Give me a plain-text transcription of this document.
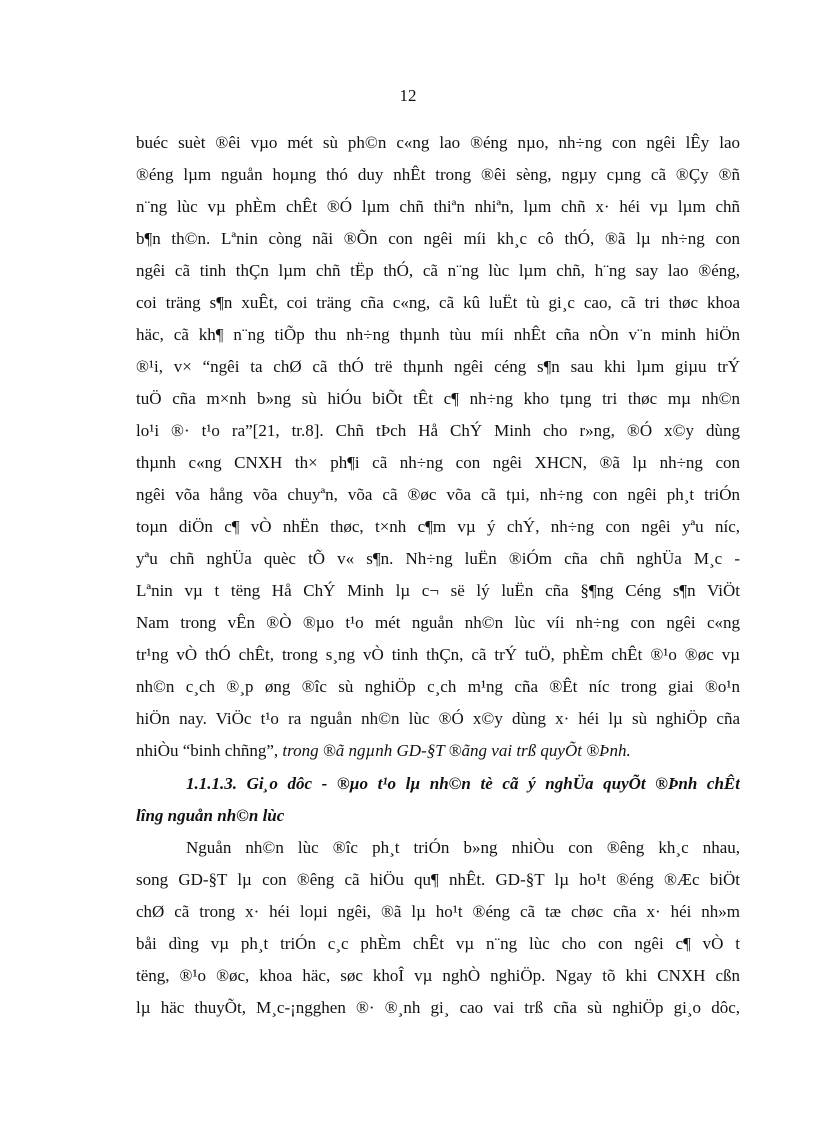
12
buéc suèt ®êi vµo mét sù ph©n c«ng lao ®éng nµo, nh÷ng con ngêi lÊy lao
®éng lµm nguån hoµng thó duy nhÊt trong ®êi sèng, ngµy cµng cã ®Çy ®ñ
n¨ng lùc vµ phÈm chÊt ®Ó lµm chñ thiªn nhiªn, lµm chñ x· héi vµ lµm chñ
b¶n th©n. Lªnin còng nãi ®Õn con ngêi míi kh¸c cô thÓ, ®ã lµ nh÷ng con
ngêi cã tinh thÇn lµm chñ tËp thÓ, cã n¨ng lùc lµm chñ, h¨ng say lao ®éng,
coi träng s¶n xuÊt, coi träng cña c«ng, cã kû luËt tù gi¸c cao, cã tri thøc khoa
häc, cã kh¶ n¨ng tiÕp thu nh÷ng thµnh tùu míi nhÊt cña nÒn v¨n minh hiÖn
®¹i, v× “ngêi ta chØ cã thÓ trë thµnh ngêi céng s¶n sau khi lµm giµu trÝ
tuÖ cña m×nh b»ng sù hiÓu biÕt tÊt c¶ nh÷ng kho tµng tri thøc mµ nh©n
lo¹i ®· t¹o ra”[21, tr.8]. Chñ tÞch Hå ChÝ Minh cho r»ng, ®Ó x©y dùng
thµnh c«ng CNXH th× ph¶i cã nh÷ng con ngêi XHCN, ®ã lµ nh÷ng con
ngêi võa hång võa chuyªn, võa cã ®øc võa cã tµi, nh÷ng con ngêi ph¸t triÓn
toµn diÖn c¶ vÒ nhËn thøc, t×nh c¶m vµ ý chÝ, nh÷ng con ngêi yªu níc,
yªu chñ nghÜa quèc tÕ v« s¶n. Nh÷ng luËn ®iÓm cña chñ nghÜa M¸c -
Lªnin vµ t tëng Hå ChÝ Minh lµ c¬ së lý luËn cña §¶ng Céng s¶n ViÖt
Nam trong vÊn ®Ò ®µo t¹o mét nguån nh©n lùc víi nh÷ng con ngêi c«ng
tr¹ng vÒ thÓ chÊt, trong s¸ng vÒ tinh thÇn, cã trÝ tuÖ, phÈm chÊt ®¹o ®øc vµ
nh©n c¸ch ®¸p øng ®îc sù nghiÖp c¸ch m¹ng cña ®Êt níc trong giai ®o¹n
hiÖn nay. ViÖc t¹o ra nguån nh©n lùc ®Ó x©y dùng x· héi lµ sù nghiÖp cña
nhiÒu “binh chñng”, trong ®ã ngµnh GD-§T ®ãng vai trß quyÕt ®Þnh.
1.1.1.3. Gi¸o dôc - ®µo t¹o lµ nh©n tè cã ý nghÜa quyÕt ®Þnh chÊt
lîng nguån nh©n lùc
Nguån nh©n lùc ®îc ph¸t triÓn b»ng nhiÒu con ®êng kh¸c nhau,
song GD-§T lµ con ®êng cã hiÖu qu¶ nhÊt. GD-§T lµ ho¹t ®éng ®Æc biÖt
chØ cã trong x· héi loµi ngêi, ®ã lµ ho¹t ®éng cã tæ chøc cña x· héi nh»m
båi dìng vµ ph¸t triÓn c¸c phÈm chÊt vµ n¨ng lùc cho con ngêi c¶ vÒ t
tëng, ®¹o ®øc, khoa häc, søc khoÎ vµ nghÒ nghiÖp. Ngay tõ khi CNXH cßn
lµ häc thuyÕt, M¸c-¡ngghen ®· ®¸nh gi¸ cao vai trß cña sù nghiÖp gi¸o dôc,
